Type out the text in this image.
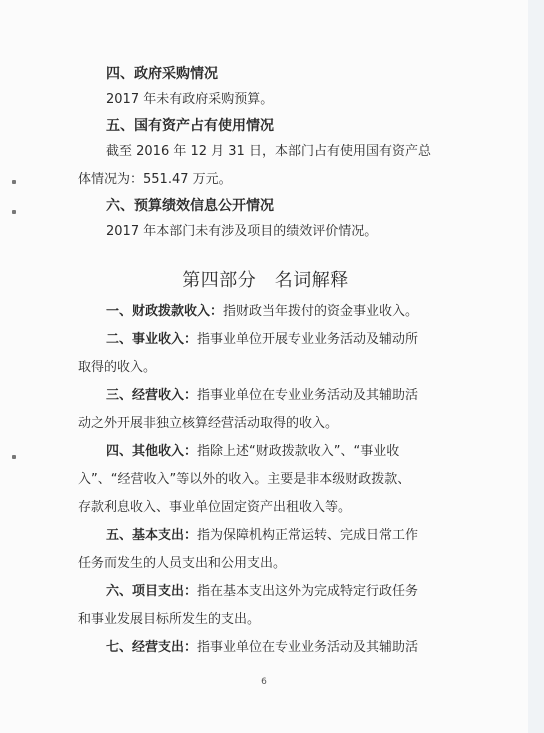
四、政府采购情况
2017 年未有政府采购预算。
五、国有资产占有使用情况
截至 2016 年 12 月 31 日，本部门占有使用国有资产总
体情况为：551.47 万元。
六、预算绩效信息公开情况
2017 年本部门未有涉及项目的绩效评价情况。
第四部分　名词解释
一、财政拨款收入：指财政当年拨付的资金事业收入。
二、事业收入：指事业单位开展专业业务活动及辅动所
取得的收入。
三、经营收入：指事业单位在专业业务活动及其辅助活
动之外开展非独立核算经营活动取得的收入。
四、其他收入：指除上述“财政拨款收入”、“事业收
入”、“经营收入”等以外的收入。主要是非本级财政拨款、
存款利息收入、事业单位固定资产出租收入等。
五、基本支出：指为保障机构正常运转、完成日常工作
任务而发生的人员支出和公用支出。
六、项目支出：指在基本支出这外为完成特定行政任务
和事业发展目标所发生的支出。
七、经营支出：指事业单位在专业业务活动及其辅助活
6
